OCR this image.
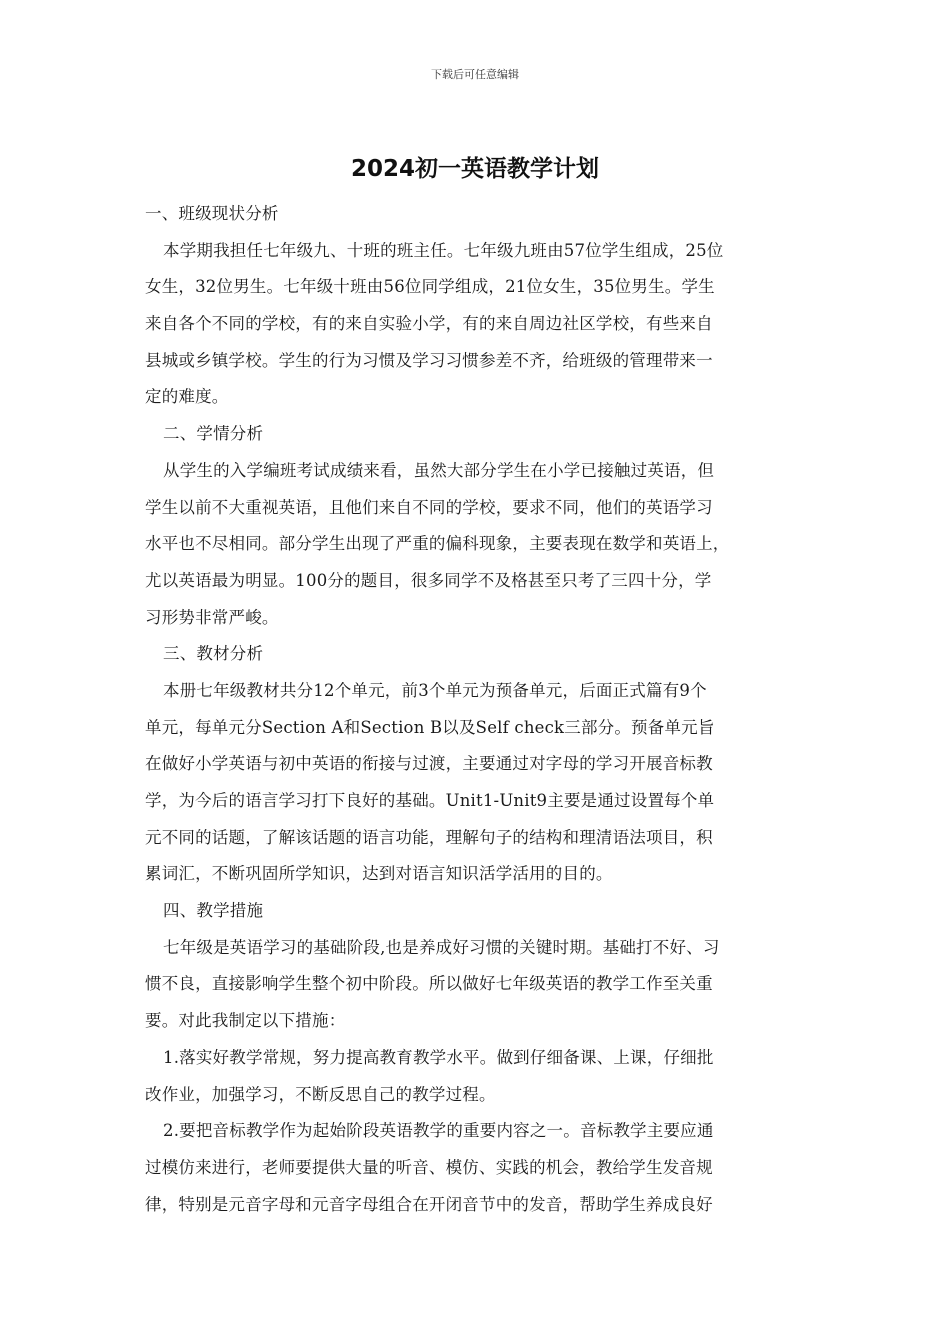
下载后可任意编辑
2024初一英语教学计划
一、班级现状分析
本学期我担任七年级九、十班的班主任。七年级九班由57位学生组成，25位
女生，32位男生。七年级十班由56位同学组成，21位女生，35位男生。学生
来自各个不同的学校，有的来自实验小学，有的来自周边社区学校，有些来自
县城或乡镇学校。学生的行为习惯及学习习惯参差不齐，给班级的管理带来一
定的难度。
二、学情分析
从学生的入学编班考试成绩来看，虽然大部分学生在小学已接触过英语，但
学生以前不大重视英语，且他们来自不同的学校，要求不同，他们的英语学习
水平也不尽相同。部分学生出现了严重的偏科现象，主要表现在数学和英语上，
尤以英语最为明显。100分的题目，很多同学不及格甚至只考了三四十分，学
习形势非常严峻。
三、教材分析
本册七年级教材共分12个单元，前3个单元为预备单元，后面正式篇有9个
单元，每单元分Section A和Section B以及Self check三部分。预备单元旨
在做好小学英语与初中英语的衔接与过渡，主要通过对字母的学习开展音标教
学，为今后的语言学习打下良好的基础。Unit1-Unit9主要是通过设置每个单
元不同的话题，了解该话题的语言功能，理解句子的结构和理清语法项目，积
累词汇，不断巩固所学知识，达到对语言知识活学活用的目的。
四、教学措施
七年级是英语学习的基础阶段,也是养成好习惯的关键时期。基础打不好、习
惯不良，直接影响学生整个初中阶段。所以做好七年级英语的教学工作至关重
要。对此我制定以下措施：
1.落实好教学常规，努力提高教育教学水平。做到仔细备课、上课，仔细批
改作业，加强学习，不断反思自己的教学过程。
2.要把音标教学作为起始阶段英语教学的重要内容之一。音标教学主要应通
过模仿来进行，老师要提供大量的听音、模仿、实践的机会，教给学生发音规
律，特别是元音字母和元音字母组合在开闭音节中的发音，帮助学生养成良好
